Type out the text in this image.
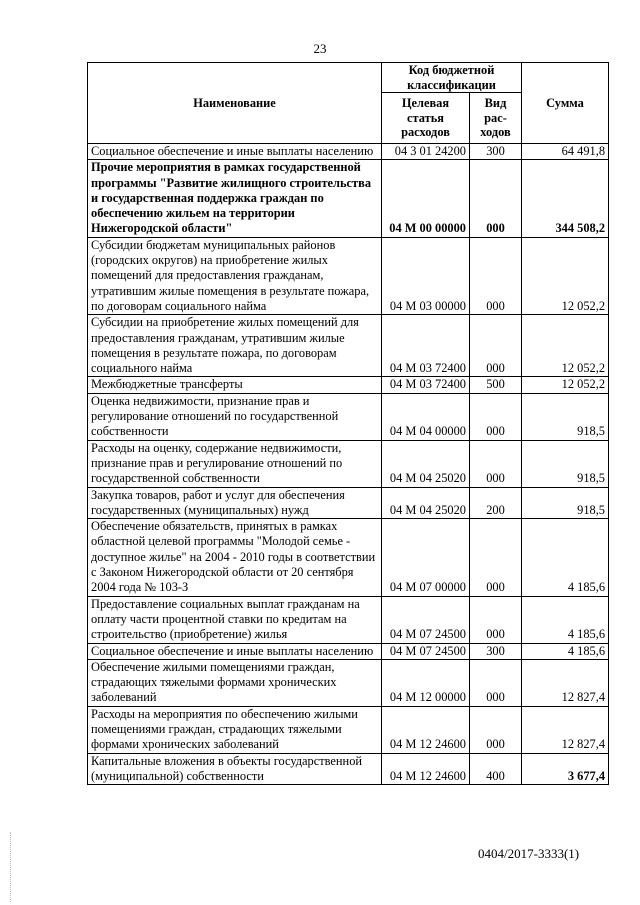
23
Наименование	Код бюджетной классификации		Сумма
	Целевая статья расходов	Вид рас-ходов	
Социальное обеспечение и иные выплаты населению	04 3 01 24200	300	64 491,8
Прочие мероприятия в рамках государственной программы "Развитие жилищного строительства и государственная поддержка граждан по обеспечению жильем на территории Нижегородской области"	04 М 00 00000	000	344 508,2
Субсидии бюджетам муниципальных районов (городских округов) на приобретение жилых помещений для предоставления гражданам, утратившим жилые помещения в результате пожара, по договорам социального найма	04 М 03 00000	000	12 052,2
Субсидии на приобретение жилых помещений для предоставления гражданам, утратившим жилые помещения в результате пожара, по договорам социального найма	04 М 03 72400	000	12 052,2
Межбюджетные трансферты	04 М 03 72400	500	12 052,2
Оценка недвижимости, признание прав и регулирование отношений по государственной собственности	04 М 04 00000	000	918,5
Расходы на оценку, содержание недвижимости, признание прав и регулирование отношений по государственной собственности	04 М 04 25020	000	918,5
Закупка товаров, работ и услуг для обеспечения государственных (муниципальных) нужд	04 М 04 25020	200	918,5
Обеспечение обязательств, принятых в рамках областной целевой программы "Молодой семье - доступное жилье" на 2004 - 2010 годы в соответствии с Законом Нижегородской области от 20 сентября 2004 года № 103-З	04 М 07 00000	000	4 185,6
Предоставление социальных выплат гражданам на оплату части процентной ставки по кредитам на строительство (приобретение) жилья	04 М 07 24500	000	4 185,6
Социальное обеспечение и иные выплаты населению	04 М 07 24500	300	4 185,6
Обеспечение жилыми помещениями граждан, страдающих тяжелыми формами хронических заболеваний	04 М 12 00000	000	12 827,4
Расходы на мероприятия по обеспечению жилыми помещениями граждан, страдающих тяжелыми формами хронических заболеваний	04 М 12 24600	000	12 827,4
Капитальные вложения в объекты государственной (муниципальной) собственности	04 М 12 24600	400	3 677,4
0404/2017-3333(1)
